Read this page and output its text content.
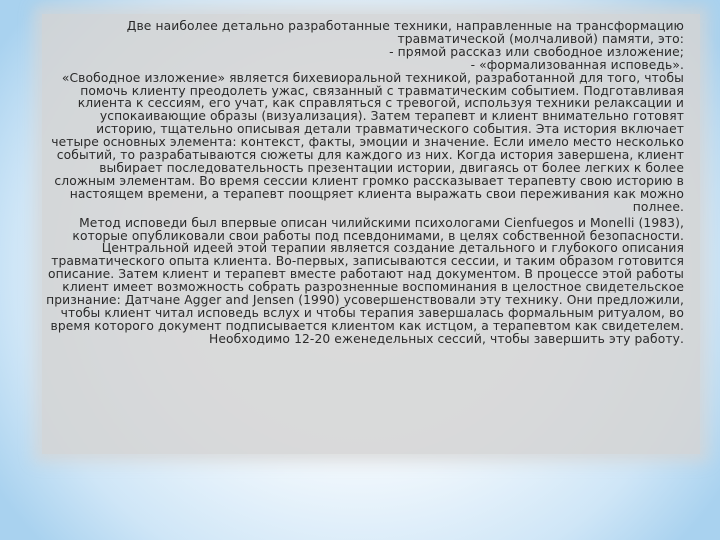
Две наиболее детально разработанные техники, направленные на трансформацию травматической (молчаливой) памяти, это:

- прямой рассказ или свободное изложение;

- «формализованная исповедь».

«Свободное изложение» является бихевиоральной техникой, разработанной для того, чтобы помочь клиенту преодолеть ужас, связанный с травматическим событием. Подготавливая клиента к сессиям, его учат, как справляться с тревогой, используя техники релаксации и успокаивающие образы (визуализация). Затем терапевт и клиент внимательно готовят историю, тщательно описывая детали травматического события. Эта история включает четыре основных элемента: контекст, факты, эмоции и значение. Если имело место несколько событий, то разрабатываются сюжеты для каждого из них. Когда история завершена, клиент выбирает последовательность презентации истории, двигаясь от более легких к более сложным элементам. Во время сессии клиент громко рассказывает терапевту свою историю в настоящем времени, а терапевт поощряет клиента выражать свои переживания как можно полнее.

Метод исповеди был впервые описан чилийскими психологами Cienfuegos и Monelli (1983), которые опубликовали свои работы под псевдонимами, в целях собственной безопасности. Центральной идеей этой терапии является создание детального и глубокого описания травматического опыта клиента. Во-первых, записываются сессии, и таким образом готовится описание. Затем клиент и терапевт вместе работают над документом. В процессе этой работы клиент имеет возможность собрать разрозненные воспоминания в целостное свидетельское признание: Датчане Agger and Jensen (1990) усовершенствовали эту технику. Они предложили, чтобы клиент читал исповедь вслух и чтобы терапия завершалась формальным ритуалом, во время которого документ подписывается клиентом как истцом, а терапевтом как свидетелем. Необходимо 12-20 еженедельных сессий, чтобы завершить эту работу.
